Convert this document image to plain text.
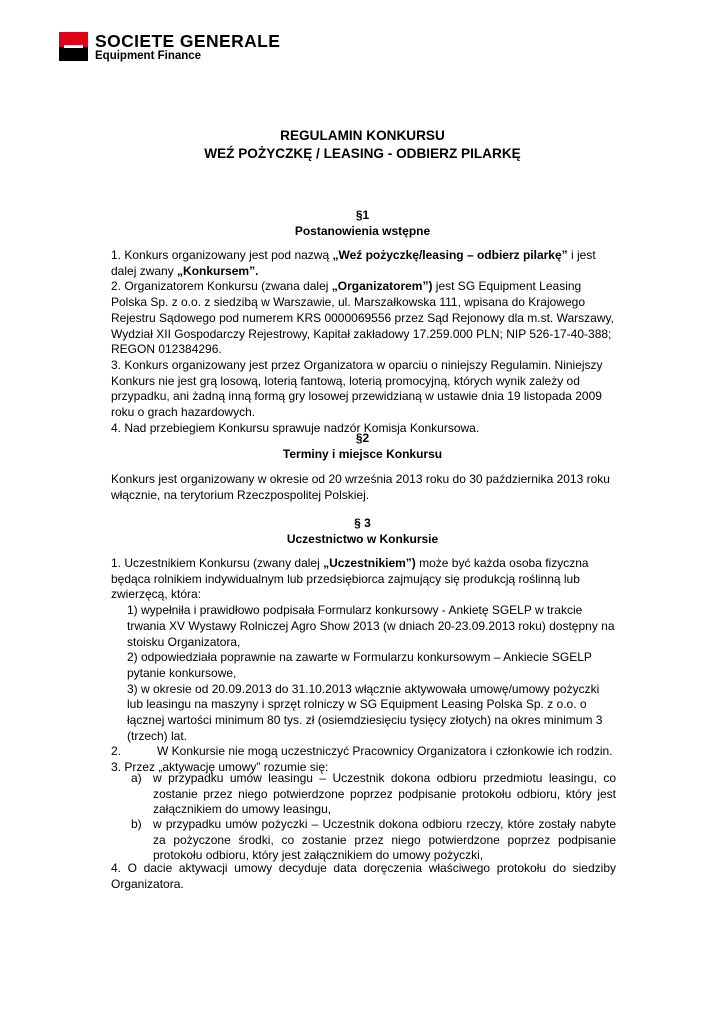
SOCIETE GENERALE
Equipment Finance
REGULAMIN KONKURSU
WEŹ POŻYCZKĘ / LEASING - ODBIERZ PILARKĘ
§1
Postanowienia wstępne

1. Konkurs organizowany jest pod nazwą „Weź pożyczkę/leasing – odbierz pilarkę” i jest dalej zwany „Konkursem”.

2. Organizatorem Konkursu (zwana dalej „Organizatorem”) jest SG Equipment Leasing Polska Sp. z o.o. z siedzibą w Warszawie, ul. Marszałkowska 111, wpisana do Krajowego Rejestru Sądowego pod numerem KRS 0000069556 przez Sąd Rejonowy dla m.st. Warszawy, Wydział XII Gospodarczy Rejestrowy, Kapitał zakładowy 17.259.000 PLN; NIP 526-17-40-388; REGON 012384296.

3. Konkurs organizowany jest przez Organizatora w oparciu o niniejszy Regulamin. Niniejszy Konkurs nie jest grą losową, loterią fantową, loterią promocyjną, których wynik zależy od przypadku, ani żadną inną formą gry losowej przewidzianą w ustawie dnia 19 listopada 2009 roku o grach hazardowych.

4. Nad przebiegiem Konkursu sprawuje nadzór Komisja Konkursowa.

§2
Terminy i miejsce Konkursu

Konkurs jest organizowany w okresie od 20 września 2013 roku do 30 października 2013 roku włącznie, na terytorium Rzeczpospolitej Polskiej.

§ 3
Uczestnictwo w Konkursie

1. Uczestnikiem Konkursu (zwany dalej „Uczestnikiem”) może być każda osoba fizyczna będąca rolnikiem indywidualnym lub przedsiębiorca zajmujący się produkcją roślinną lub zwierzęcą, która:

1) wypełniła i prawidłowo podpisała Formularz konkursowy - Ankietę SGELP w trakcie trwania XV Wystawy Rolniczej Agro Show 2013 (w dniach 20-23.09.2013 roku) dostępny na stoisku Organizatora,

2) odpowiedziała poprawnie na zawarte w Formularzu konkursowym – Ankiecie SGELP pytanie konkursowe,

3) w okresie od 20.09.2013 do 31.10.2013 włącznie aktywowała umowę/umowy pożyczki lub leasingu na maszyny i sprzęt rolniczy w SG Equipment Leasing Polska Sp. z o.o. o łącznej wartości minimum 80 tys. zł (osiemdziesięciu tysięcy złotych) na okres minimum 3 (trzech) lat.

2.	W Konkursie nie mogą uczestniczyć Pracownicy Organizatora i członkowie ich rodzin.

3. Przez „aktywację umowy” rozumie się:

a) w przypadku umów leasingu – Uczestnik dokona odbioru przedmiotu leasingu, co zostanie przez niego potwierdzone poprzez podpisanie protokołu odbioru, który jest załącznikiem do umowy leasingu,
b) w przypadku umów pożyczki – Uczestnik dokona odbioru rzeczy, które zostały nabyte za pożyczone środki, co zostanie przez niego potwierdzone poprzez podpisanie protokołu odbioru, który jest załącznikiem do umowy pożyczki,

4. O dacie aktywacji umowy decyduje data doręczenia właściwego protokołu do siedziby Organizatora.
